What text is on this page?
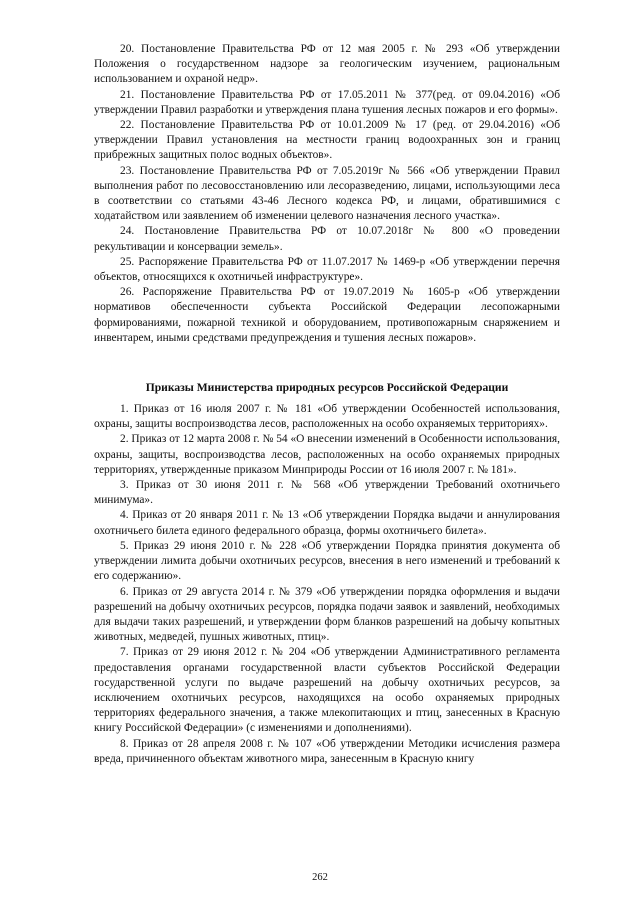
20. Постановление Правительства РФ от 12 мая 2005 г. № 293 «Об утверждении Положения о государственном надзоре за геологическим изучением, рациональным использованием и охраной недр».

21. Постановление Правительства РФ от 17.05.2011 № 377(ред. от 09.04.2016) «Об утверждении Правил разработки и утверждения плана тушения лесных пожаров и его формы».

22. Постановление Правительства РФ от 10.01.2009 № 17 (ред. от 29.04.2016) «Об утверждении Правил установления на местности границ водоохранных зон и границ прибрежных защитных полос водных объектов».

23. Постановление Правительства РФ от 7.05.2019г № 566 «Об утверждении Правил выполнения работ по лесовосстановлению или лесоразведению, лицами, использующими леса в соответствии со статьями 43-46 Лесного кодекса РФ, и лицами, обратившимися с ходатайством или заявлением об изменении целевого назначения лесного участка».

24. Постановление Правительства РФ от 10.07.2018г № 800 «О проведении рекультивации и консервации земель».

25. Распоряжение Правительства РФ от 11.07.2017 № 1469-р «Об утверждении перечня объектов, относящихся к охотничьей инфраструктуре».

26. Распоряжение Правительства РФ от 19.07.2019 № 1605-р «Об утверждении нормативов обеспеченности субъекта Российской Федерации лесопожарными формированиями, пожарной техникой и оборудованием, противопожарным снаряжением и инвентарем, иными средствами предупреждения и тушения лесных пожаров».

Приказы Министерства природных ресурсов Российской Федерации

1. Приказ от 16 июля 2007 г. № 181 «Об утверждении Особенностей использования, охраны, защиты воспроизводства лесов, расположенных на особо охраняемых территориях».

2. Приказ от 12 марта 2008 г. № 54 «О внесении изменений в Особенности использования, охраны, защиты, воспроизводства лесов, расположенных на особо охраняемых природных территориях, утвержденные приказом Минприроды России от 16 июля 2007 г. № 181».

3. Приказ от 30 июня 2011 г. № 568 «Об утверждении Требований охотничьего минимума».

4. Приказ от 20 января 2011 г. № 13 «Об утверждении Порядка выдачи и аннулирования охотничьего билета единого федерального образца, формы охотничьего билета».

5. Приказ 29 июня 2010 г. № 228 «Об утверждении Порядка принятия документа об утверждении лимита добычи охотничьих ресурсов, внесения в него изменений и требований к его содержанию».

6. Приказ от 29 августа 2014 г. № 379 «Об утверждении порядка оформления и выдачи разрешений на добычу охотничьих ресурсов, порядка подачи заявок и заявлений, необходимых для выдачи таких разрешений, и утверждении форм бланков разрешений на добычу копытных животных, медведей, пушных животных, птиц».

7. Приказ от 29 июня 2012 г. № 204 «Об утверждении Административного регламента предоставления органами государственной власти субъектов Российской Федерации государственной услуги по выдаче разрешений на добычу охотничьих ресурсов, за исключением охотничьих ресурсов, находящихся на особо охраняемых природных территориях федерального значения, а также млекопитающих и птиц, занесенных в Красную книгу Российской Федерации» (с изменениями и дополнениями).

8. Приказ от 28 апреля 2008 г. № 107 «Об утверждении Методики исчисления размера вреда, причиненного объектам животного мира, занесенным в Красную книгу

262
